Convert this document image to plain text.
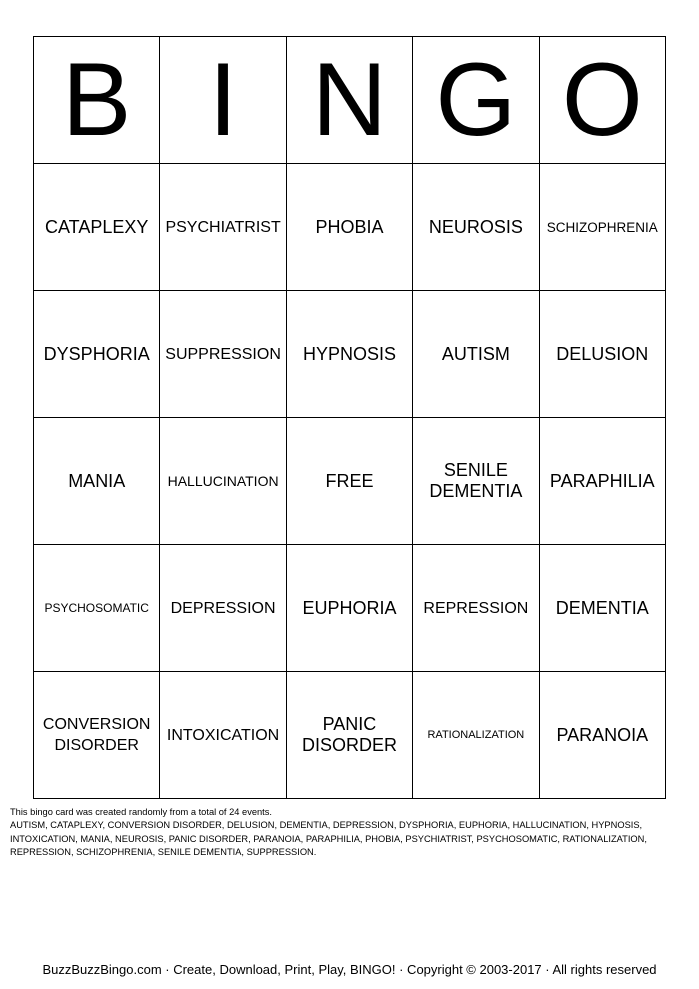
B	I	N	G	O
CATAPLEXY	PSYCHIATRIST	PHOBIA	NEUROSIS	SCHIZOPHRENIA
DYSPHORIA	SUPPRESSION	HYPNOSIS	AUTISM	DELUSION
MANIA	HALLUCINATION	FREE	SENILE DEMENTIA	PARAPHILIA
PSYCHOSOMATIC	DEPRESSION	EUPHORIA	REPRESSION	DEMENTIA
CONVERSION DISORDER	INTOXICATION	PANIC DISORDER	RATIONALIZATION	PARANOIA

This bingo card was created randomly from a total of 24 events.

AUTISM, CATAPLEXY, CONVERSION DISORDER, DELUSION, DEMENTIA, DEPRESSION, DYSPHORIA, EUPHORIA, HALLUCINATION, HYPNOSIS, INTOXICATION, MANIA, NEUROSIS, PANIC DISORDER, PARANOIA, PARAPHILIA, PHOBIA, PSYCHIATRIST, PSYCHOSOMATIC, RATIONALIZATION, REPRESSION, SCHIZOPHRENIA, SENILE DEMENTIA, SUPPRESSION.

BuzzBuzzBingo.com · Create, Download, Print, Play, BINGO! · Copyright © 2003-2017 · All rights reserved
